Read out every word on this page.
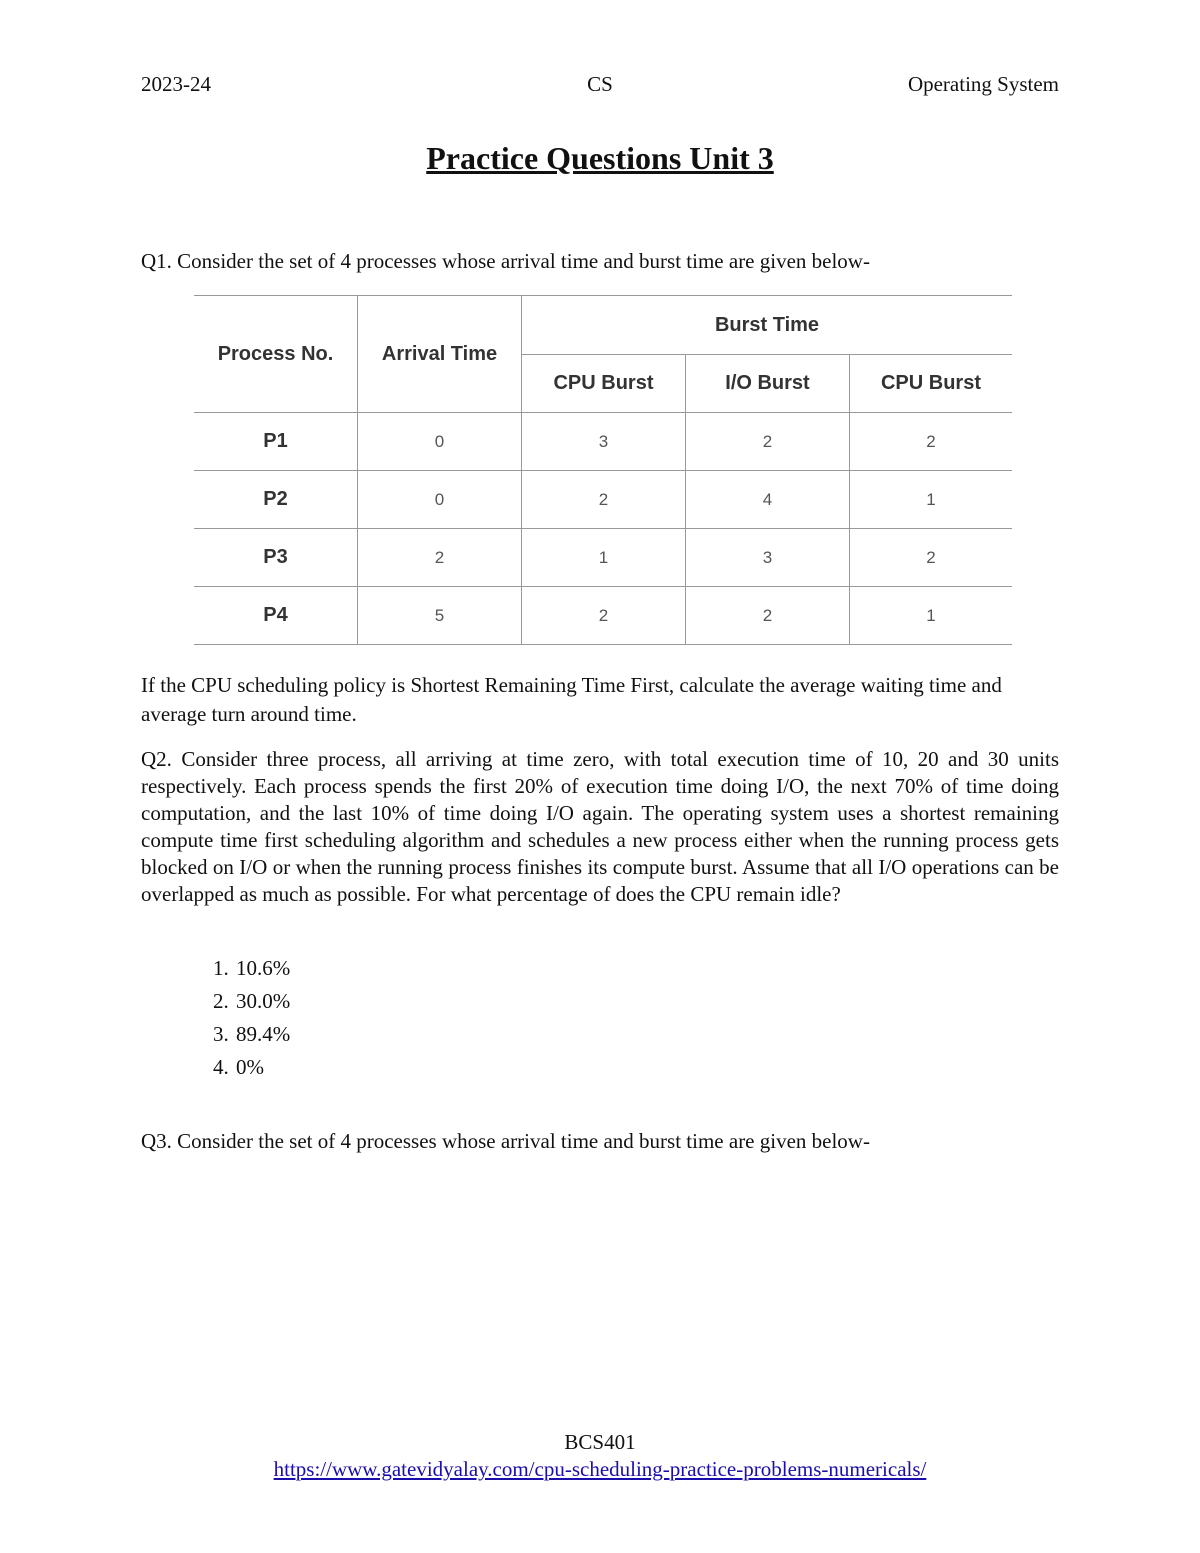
2023-24	CS	Operating System
Practice Questions Unit 3
Q1. Consider the set of 4 processes whose arrival time and burst time are given below-
Process No.	Arrival Time	Burst Time		
		CPU Burst	I/O Burst	CPU Burst
P1	0	3	2	2
P2	0	2	4	1
P3	2	1	3	2
P4	5	2	2	1
If the CPU scheduling policy is Shortest Remaining Time First, calculate the average waiting time and average turn around time.
Q2. Consider three process, all arriving at time zero, with total execution time of 10, 20 and 30 units respectively. Each process spends the first 20% of execution time doing I/O, the next 70% of time doing computation, and the last 10% of time doing I/O again. The operating system uses a shortest remaining compute time first scheduling algorithm and schedules a new process either when the running process gets blocked on I/O or when the running process finishes its compute burst. Assume that all I/O operations can be overlapped as much as possible. For what percentage of does the CPU remain idle?
1. 10.6%
2. 30.0%
3. 89.4%
4. 0%
Q3. Consider the set of 4 processes whose arrival time and burst time are given below-
BCS401
https://www.gatevidyalay.com/cpu-scheduling-practice-problems-numericals/
